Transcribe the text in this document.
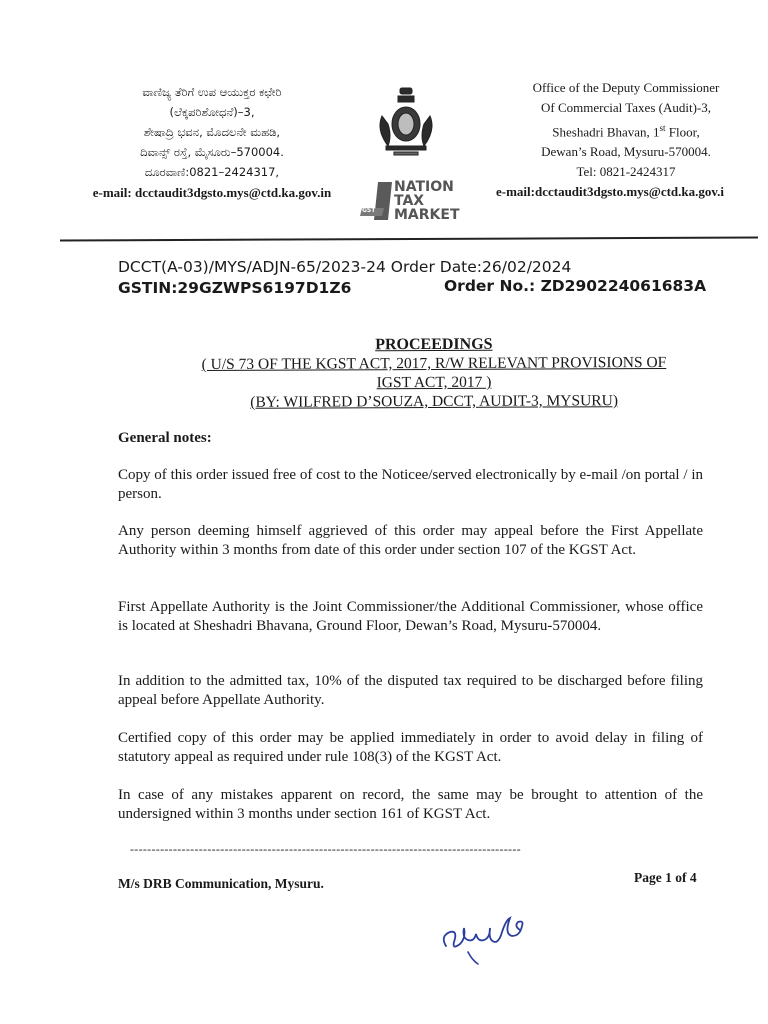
ವಾಣಿಜ್ಯ ತೆರಿಗೆ ಉಪ ಆಯುಕ್ತರ ಕಛೇರಿ
(ಲೆಕ್ಕಪರಿಶೋಧನೆ)–3,
ಶೇಷಾದ್ರಿ ಭವನ, ಮೊದಲನೇ ಮಹಡಿ,
ದಿವಾನ್ಸ್ ರಸ್ತೆ, ಮೈಸೂರು–570004.
ದೂರವಾಣಿ:0821–2424317,
e-mail: dcctaudit3dgsto.mys@ctd.ka.gov.in
GST
NATION
TAX
MARKET
Office of the Deputy Commissioner
Of Commercial Taxes (Audit)-3,
Sheshadri Bhavan, 1st Floor,
Dewan’s Road, Mysuru-570004.
Tel: 0821-2424317
e-mail:dcctaudit3dgsto.mys@ctd.ka.gov.i
DCCT(A-03)/MYS/ADJN-65/2023-24 Order Date:26/02/2024
GSTIN:29GZWPS6197D1Z6	Order No.: ZD290224061683A
PROCEEDINGS
( U/S 73 OF THE KGST ACT, 2017, R/W RELEVANT PROVISIONS OF
IGST ACT, 2017 )
(BY: WILFRED D’SOUZA, DCCT, AUDIT-3, MYSURU)
General notes:
Copy of this order issued free of cost to the Noticee/served electronically by e-mail /on portal / in person.
Any person deeming himself aggrieved of this order may appeal before the First Appellate Authority within 3 months from date of this order under section 107 of the KGST Act.
First Appellate Authority is the Joint Commissioner/the Additional Commissioner, whose office is located at Sheshadri Bhavana, Ground Floor, Dewan’s Road, Mysuru-570004.
In addition to the admitted tax, 10% of the disputed tax required to be discharged before filing appeal before Appellate Authority.
Certified copy of this order may be applied immediately in order to avoid delay in filing of statutory appeal as required under rule 108(3) of the KGST Act.
In case of any mistakes apparent on record, the same may be brought to attention of the undersigned within 3 months under section 161 of KGST Act.
-------------------------------------------------------------------------------------------
M/s DRB Communication, Mysuru.	Page 1 of 4
